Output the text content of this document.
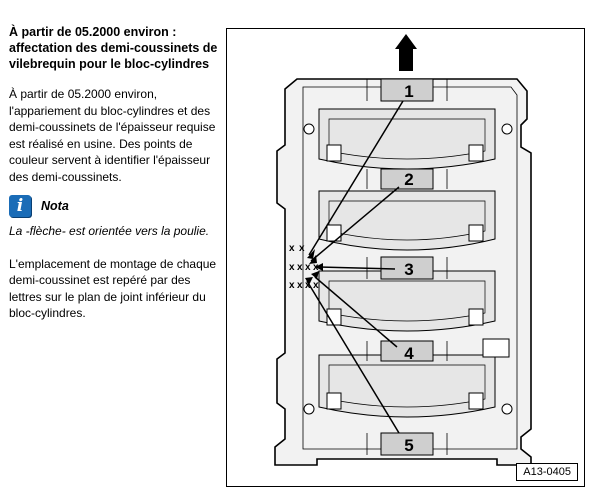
À partir de 05.2000 environ : affectation des demi-coussinets de vilebrequin pour le bloc-cylindres

À partir de 05.2000 environ, l'appariement du bloc-cylindres et des demi-coussinets de l'épaisseur requise est réalisé en usine. Des points de couleur servent à identifier l'épaisseur des demi-coussinets.

i	Nota

La -flèche- est orientée vers la poulie.

L'emplacement de montage de chaque demi-coussinet est repéré par des lettres sur le plan de joint inférieur du bloc-cylindres.

x x
x x x x
x x x x
1
2
3
4
5
A13-0405
